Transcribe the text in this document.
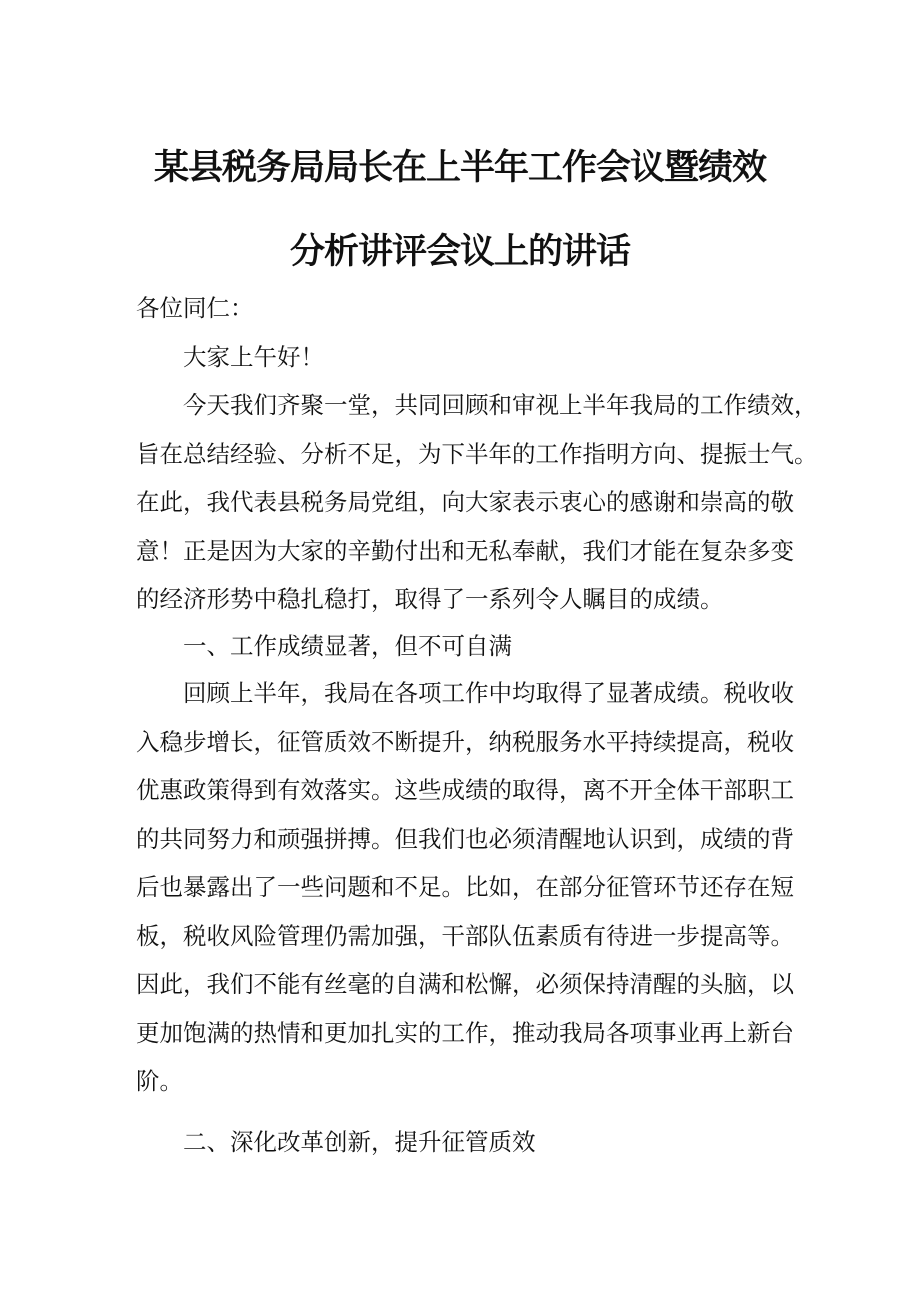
某县税务局局长在上半年工作会议暨绩效
分析讲评会议上的讲话
各位同仁：
大家上午好！
今天我们齐聚一堂，共同回顾和审视上半年我局的工作绩效，
旨在总结经验、分析不足，为下半年的工作指明方向、提振士气。
在此，我代表县税务局党组，向大家表示衷心的感谢和崇高的敬
意！正是因为大家的辛勤付出和无私奉献，我们才能在复杂多变
的经济形势中稳扎稳打，取得了一系列令人瞩目的成绩。
一、工作成绩显著，但不可自满
回顾上半年，我局在各项工作中均取得了显著成绩。税收收
入稳步增长，征管质效不断提升，纳税服务水平持续提高，税收
优惠政策得到有效落实。这些成绩的取得，离不开全体干部职工
的共同努力和顽强拼搏。但我们也必须清醒地认识到，成绩的背
后也暴露出了一些问题和不足。比如，在部分征管环节还存在短
板，税收风险管理仍需加强，干部队伍素质有待进一步提高等。
因此，我们不能有丝毫的自满和松懈，必须保持清醒的头脑，以
更加饱满的热情和更加扎实的工作，推动我局各项事业再上新台
阶。
二、深化改革创新，提升征管质效
